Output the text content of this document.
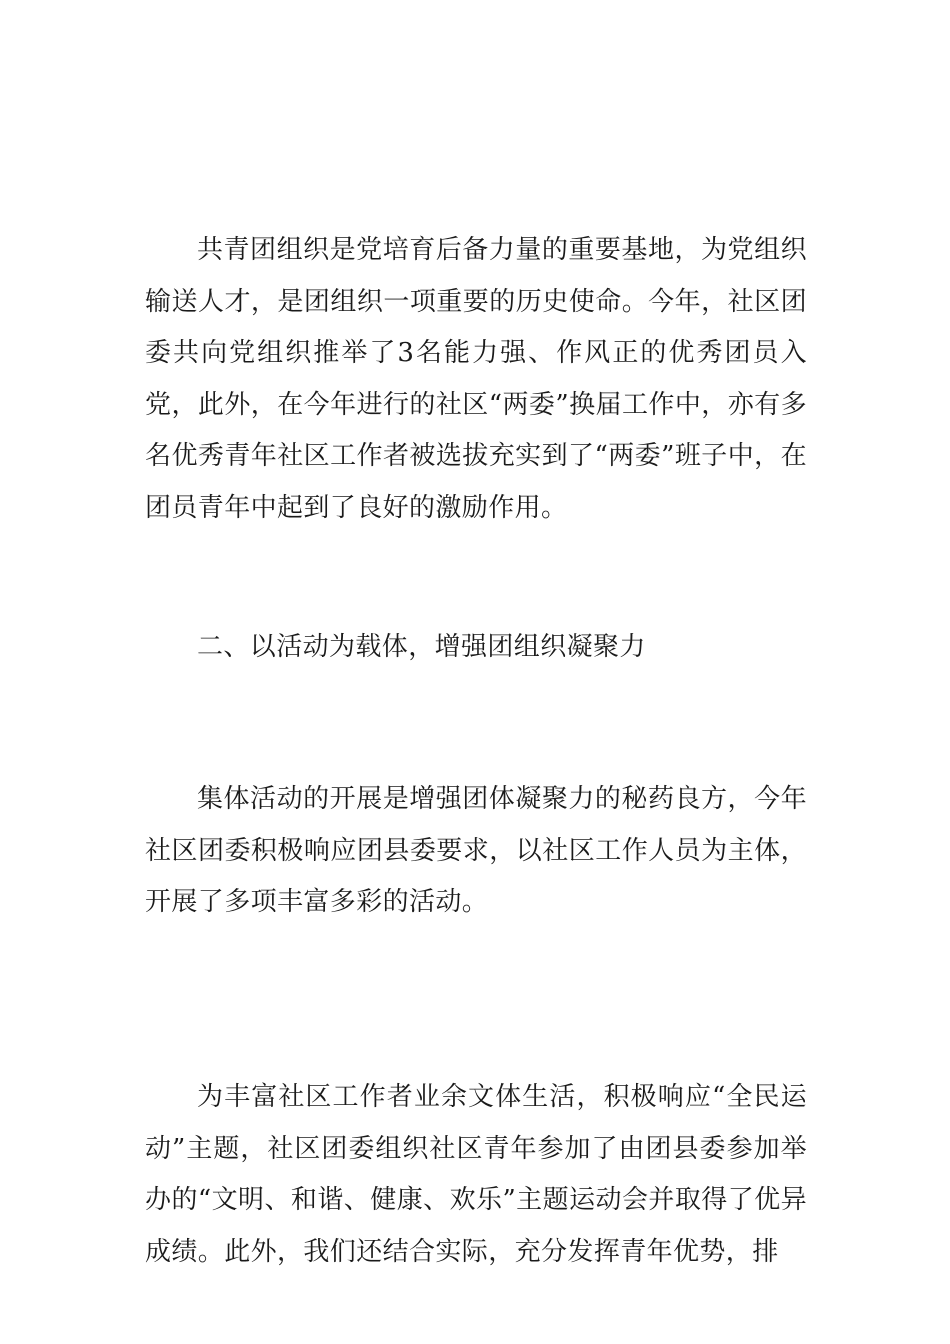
共青团组织是党培育后备力量的重要基地，为党组织输送人才，是团组织一项重要的历史使命。今年，社区团委共向党组织推举了3名能力强、作风正的优秀团员入党，此外，在今年进行的社区“两委”换届工作中，亦有多名优秀青年社区工作者被选拔充实到了“两委”班子中，在团员青年中起到了良好的激励作用。

二、以活动为载体，增强团组织凝聚力

集体活动的开展是增强团体凝聚力的秘药良方，今年社区团委积极响应团县委要求，以社区工作人员为主体，开展了多项丰富多彩的活动。

为丰富社区工作者业余文体生活，积极响应“全民运动”主题，社区团委组织社区青年参加了由团县委参加举办的“文明、和谐、健康、欢乐”主题运动会并取得了优异成绩。此外，我们还结合实际，充分发挥青年优势，排
